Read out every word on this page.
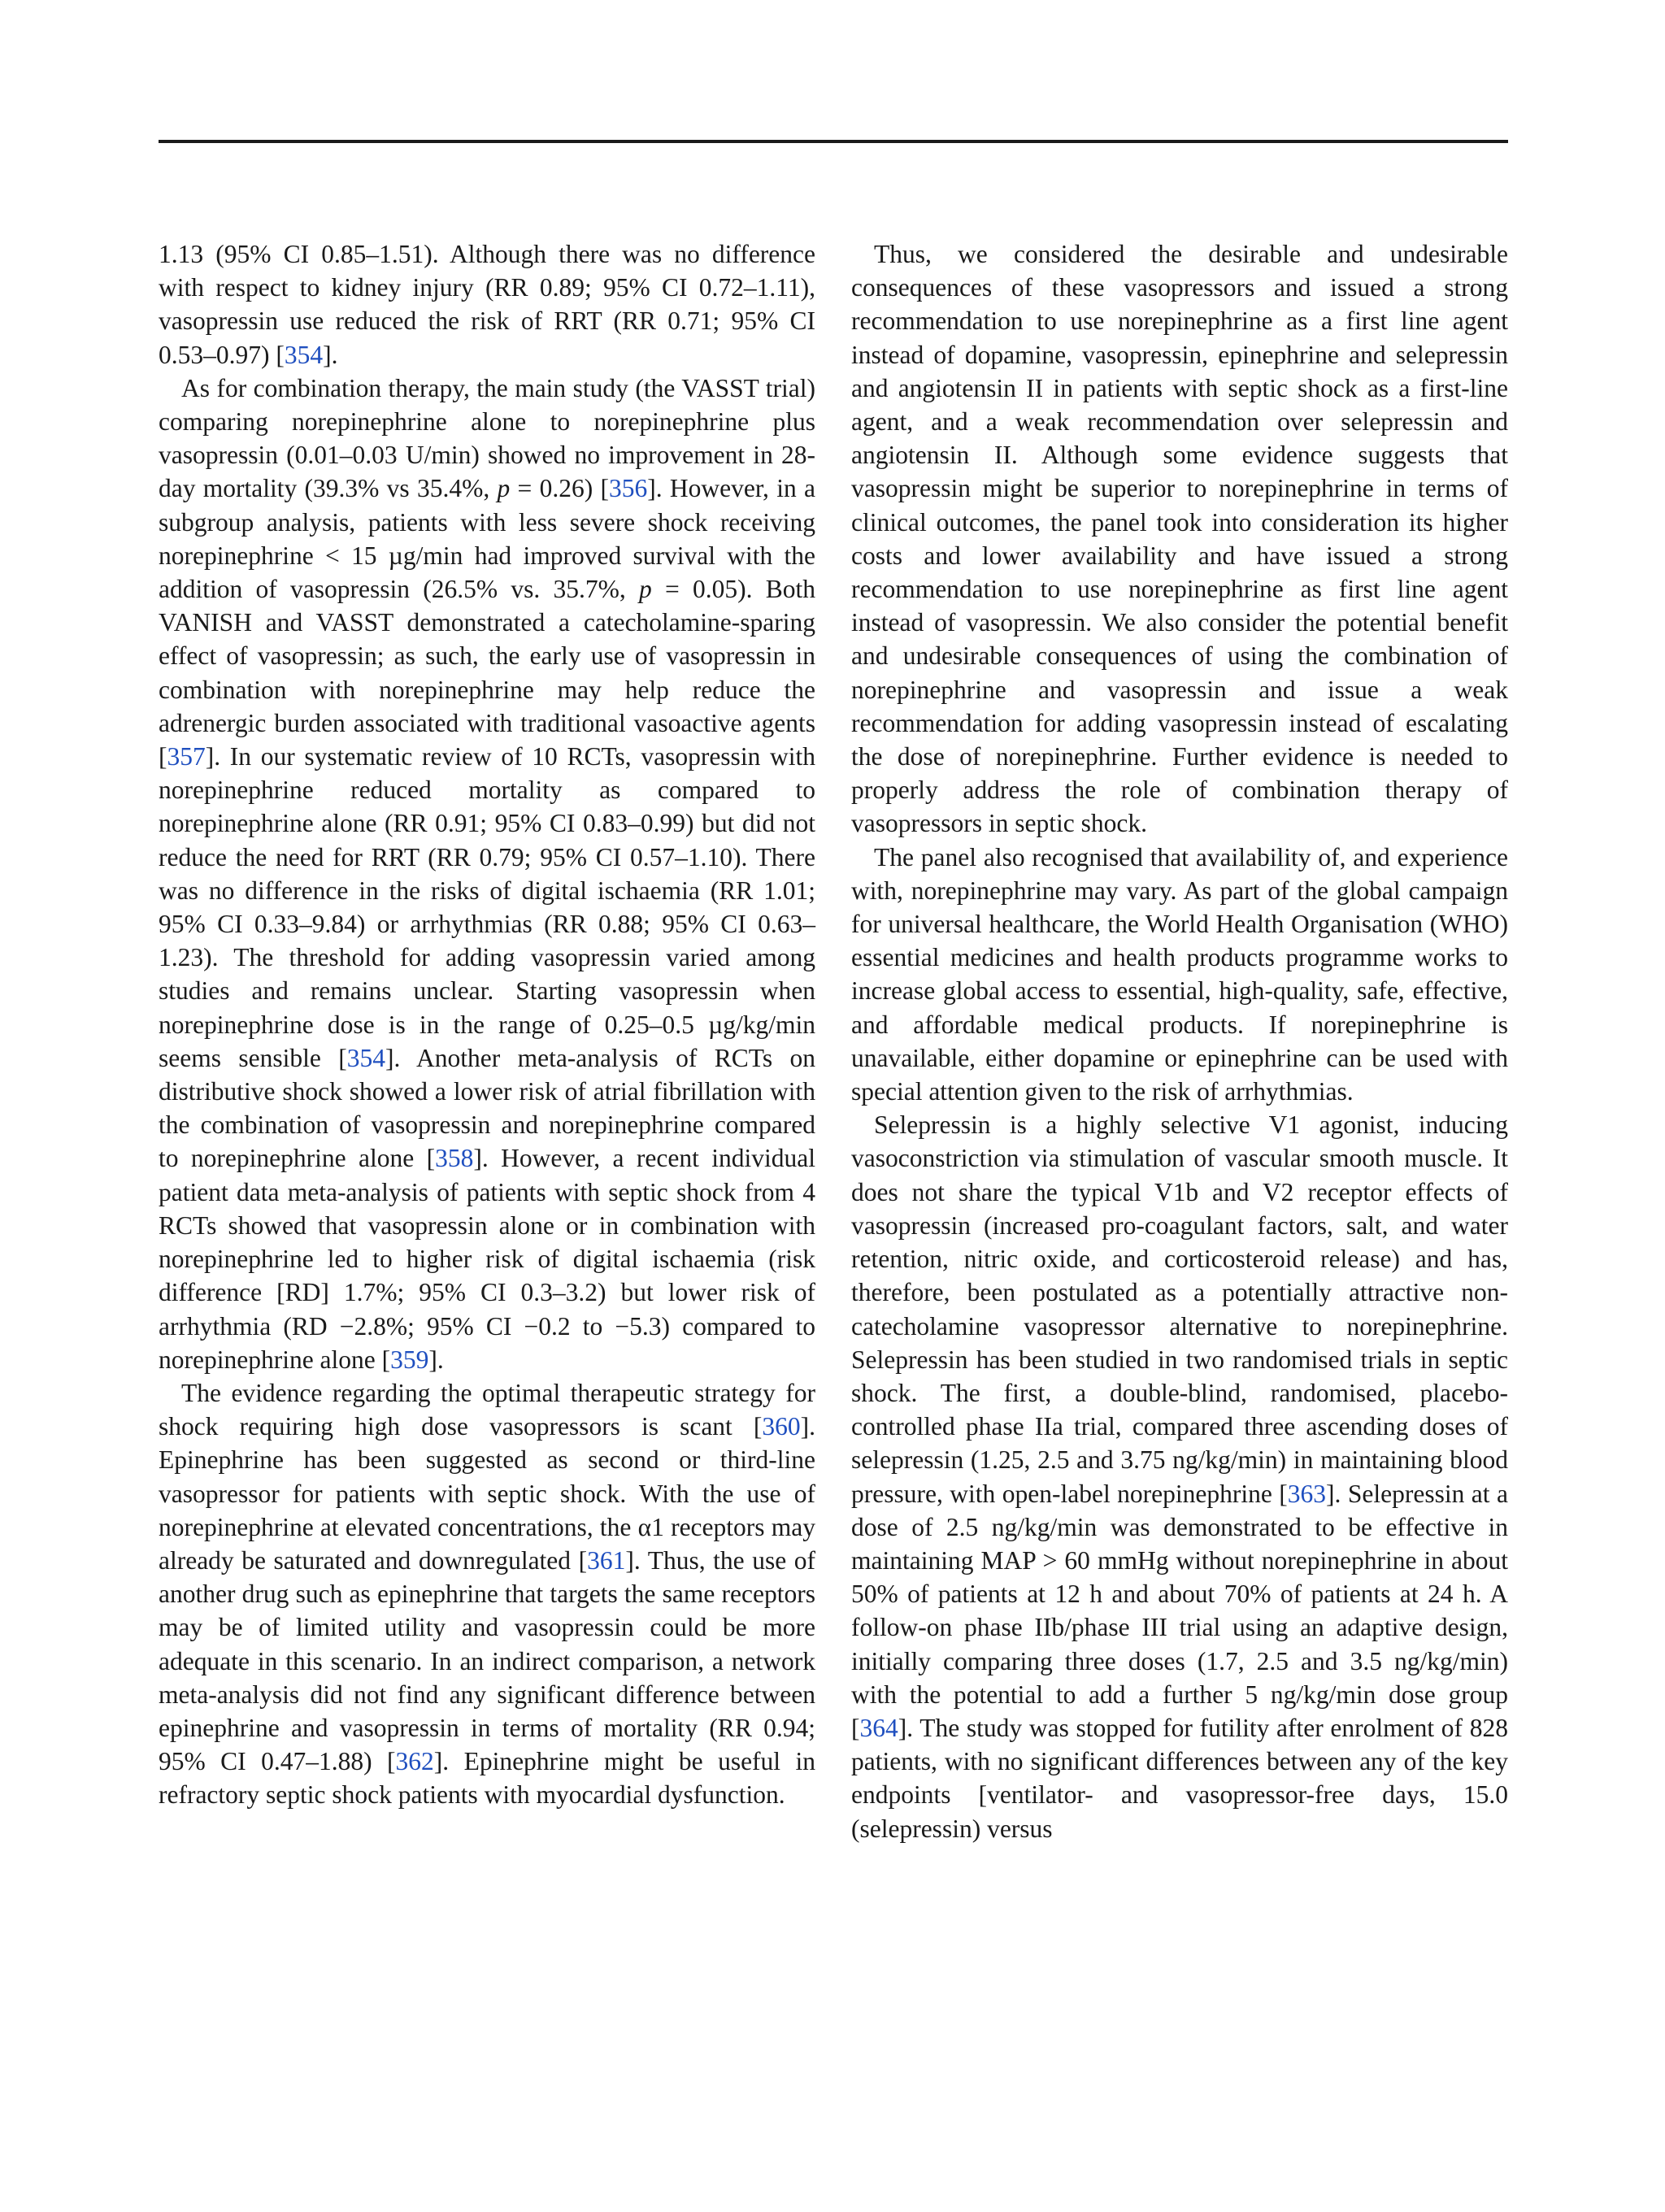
1.13 (95% CI 0.85–1.51). Although there was no difference with respect to kidney injury (RR 0.89; 95% CI 0.72–1.11), vasopressin use reduced the risk of RRT (RR 0.71; 95% CI 0.53–0.97) [354].

As for combination therapy, the main study (the VASST trial) comparing norepinephrine alone to norepinephrine plus vasopressin (0.01–0.03 U/min) showed no improvement in 28-day mortality (39.3% vs 35.4%, p = 0.26) [356]. However, in a subgroup analysis, patients with less severe shock receiving norepinephrine < 15 µg/min had improved survival with the addition of vasopressin (26.5% vs. 35.7%, p = 0.05). Both VANISH and VASST demonstrated a catecholamine-sparing effect of vasopressin; as such, the early use of vasopressin in combination with norepinephrine may help reduce the adrenergic burden associated with traditional vasoactive agents [357]. In our systematic review of 10 RCTs, vasopressin with norepinephrine reduced mortality as compared to norepinephrine alone (RR 0.91; 95% CI 0.83–0.99) but did not reduce the need for RRT (RR 0.79; 95% CI 0.57–1.10). There was no difference in the risks of digital ischaemia (RR 1.01; 95% CI 0.33–9.84) or arrhythmias (RR 0.88; 95% CI 0.63–1.23). The threshold for adding vasopressin varied among studies and remains unclear. Starting vasopressin when norepinephrine dose is in the range of 0.25–0.5 µg/kg/min seems sensible [354]. Another meta-analysis of RCTs on distributive shock showed a lower risk of atrial fibrillation with the combination of vasopressin and norepinephrine compared to norepinephrine alone [358]. However, a recent individual patient data meta-analysis of patients with septic shock from 4 RCTs showed that vasopressin alone or in combination with norepinephrine led to higher risk of digital ischaemia (risk difference [RD] 1.7%; 95% CI 0.3–3.2) but lower risk of arrhythmia (RD −2.8%; 95% CI −0.2 to −5.3) compared to norepinephrine alone [359].

The evidence regarding the optimal therapeutic strategy for shock requiring high dose vasopressors is scant [360]. Epinephrine has been suggested as second or third-line vasopressor for patients with septic shock. With the use of norepinephrine at elevated concentrations, the α1 receptors may already be saturated and downregulated [361]. Thus, the use of another drug such as epinephrine that targets the same receptors may be of limited utility and vasopressin could be more adequate in this scenario. In an indirect comparison, a network meta-analysis did not find any significant difference between epinephrine and vasopressin in terms of mortality (RR 0.94; 95% CI 0.47–1.88) [362]. Epinephrine might be useful in refractory septic shock patients with myocardial dysfunction.

Thus, we considered the desirable and undesirable consequences of these vasopressors and issued a strong recommendation to use norepinephrine as a first line agent instead of dopamine, vasopressin, epinephrine and selepressin and angiotensin II in patients with septic shock as a first-line agent, and a weak recommendation over selepressin and angiotensin II. Although some evidence suggests that vasopressin might be superior to norepinephrine in terms of clinical outcomes, the panel took into consideration its higher costs and lower availability and have issued a strong recommendation to use norepinephrine as first line agent instead of vasopressin. We also consider the potential benefit and undesirable consequences of using the combination of norepinephrine and vasopressin and issue a weak recommendation for adding vasopressin instead of escalating the dose of norepinephrine. Further evidence is needed to properly address the role of combination therapy of vasopressors in septic shock.

The panel also recognised that availability of, and experience with, norepinephrine may vary. As part of the global campaign for universal healthcare, the World Health Organisation (WHO) essential medicines and health products programme works to increase global access to essential, high-quality, safe, effective, and affordable medical products. If norepinephrine is unavailable, either dopamine or epinephrine can be used with special attention given to the risk of arrhythmias.

Selepressin is a highly selective V1 agonist, inducing vasoconstriction via stimulation of vascular smooth muscle. It does not share the typical V1b and V2 receptor effects of vasopressin (increased pro-coagulant factors, salt, and water retention, nitric oxide, and corticosteroid release) and has, therefore, been postulated as a potentially attractive non-catecholamine vasopressor alternative to norepinephrine. Selepressin has been studied in two randomised trials in septic shock. The first, a double-blind, randomised, placebo-controlled phase IIa trial, compared three ascending doses of selepressin (1.25, 2.5 and 3.75 ng/kg/min) in maintaining blood pressure, with open-label norepinephrine [363]. Selepressin at a dose of 2.5 ng/kg/min was demonstrated to be effective in maintaining MAP > 60 mmHg without norepinephrine in about 50% of patients at 12 h and about 70% of patients at 24 h. A follow-on phase IIb/phase III trial using an adaptive design, initially comparing three doses (1.7, 2.5 and 3.5 ng/kg/min) with the potential to add a further 5 ng/kg/min dose group [364]. The study was stopped for futility after enrolment of 828 patients, with no significant differences between any of the key endpoints [ventilator- and vasopressor-free days, 15.0 (selepressin) versus
